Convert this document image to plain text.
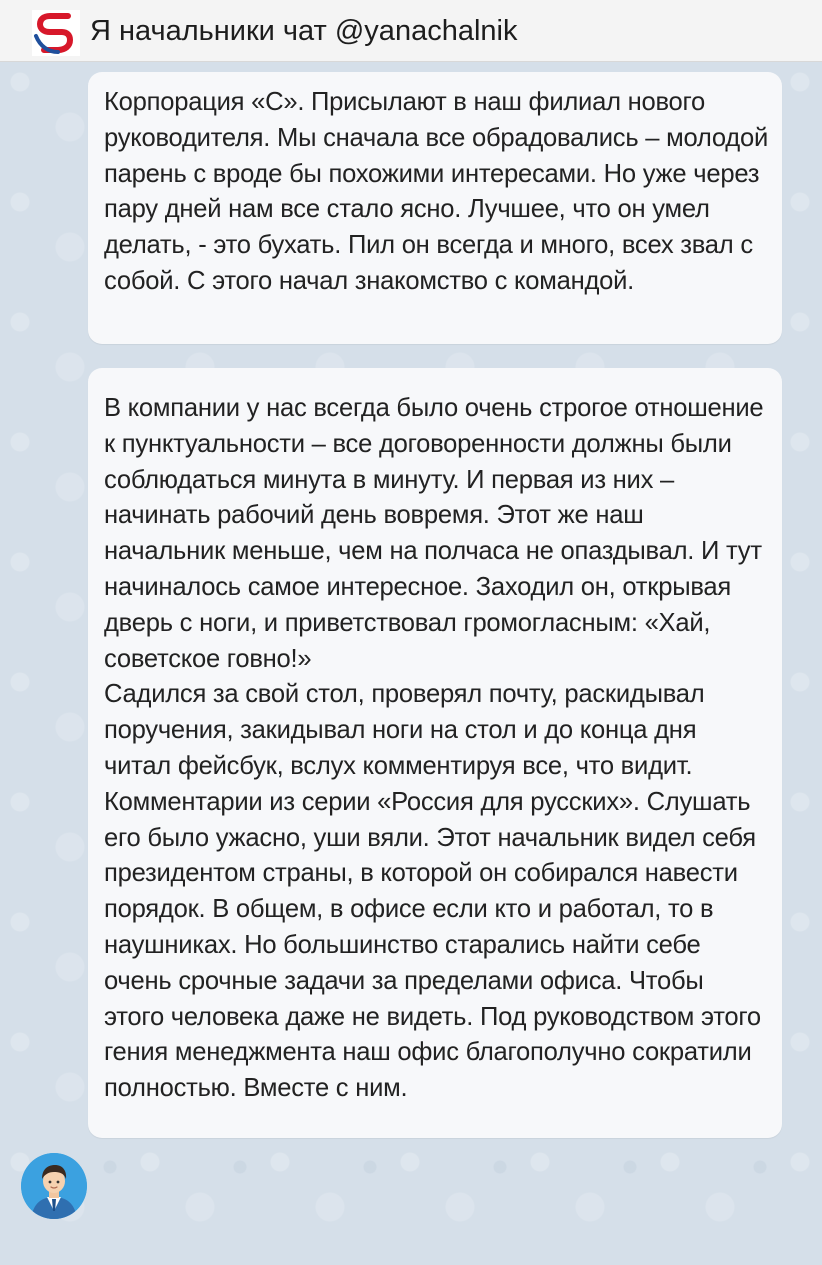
Я начальники чат @yanachalnik

Корпорация «С». Присылают в наш филиал нового руководителя. Мы сначала все обрадовались – молодой парень с вроде бы похожими интересами. Но уже через пару дней нам все стало ясно. Лучшее, что он умел делать, - это бухать. Пил он всегда и много, всех звал с собой. С этого начал знакомство с командой.

В компании у нас всегда было очень строгое отношение к пунктуальности – все договоренности должны были соблюдаться минута в минуту. И первая из них – начинать рабочий день вовремя. Этот же наш начальник меньше, чем на полчаса не опаздывал. И тут начиналось самое интересное. Заходил он, открывая дверь с ноги, и приветствовал громогласным: «Хай, советское говно!»

Садился за свой стол, проверял почту, раскидывал поручения, закидывал ноги на стол и до конца дня читал фейсбук, вслух комментируя все, что видит. Комментарии из серии «Россия для русских». Слушать его было ужасно, уши вяли. Этот начальник видел себя президентом страны, в которой он собирался навести порядок. В общем, в офисе если кто и работал, то в наушниках. Но большинство старались найти себе очень срочные задачи за пределами офиса. Чтобы этого человека даже не видеть. Под руководством этого гения менеджмента наш офис благополучно сократили полностью. Вместе с ним.
